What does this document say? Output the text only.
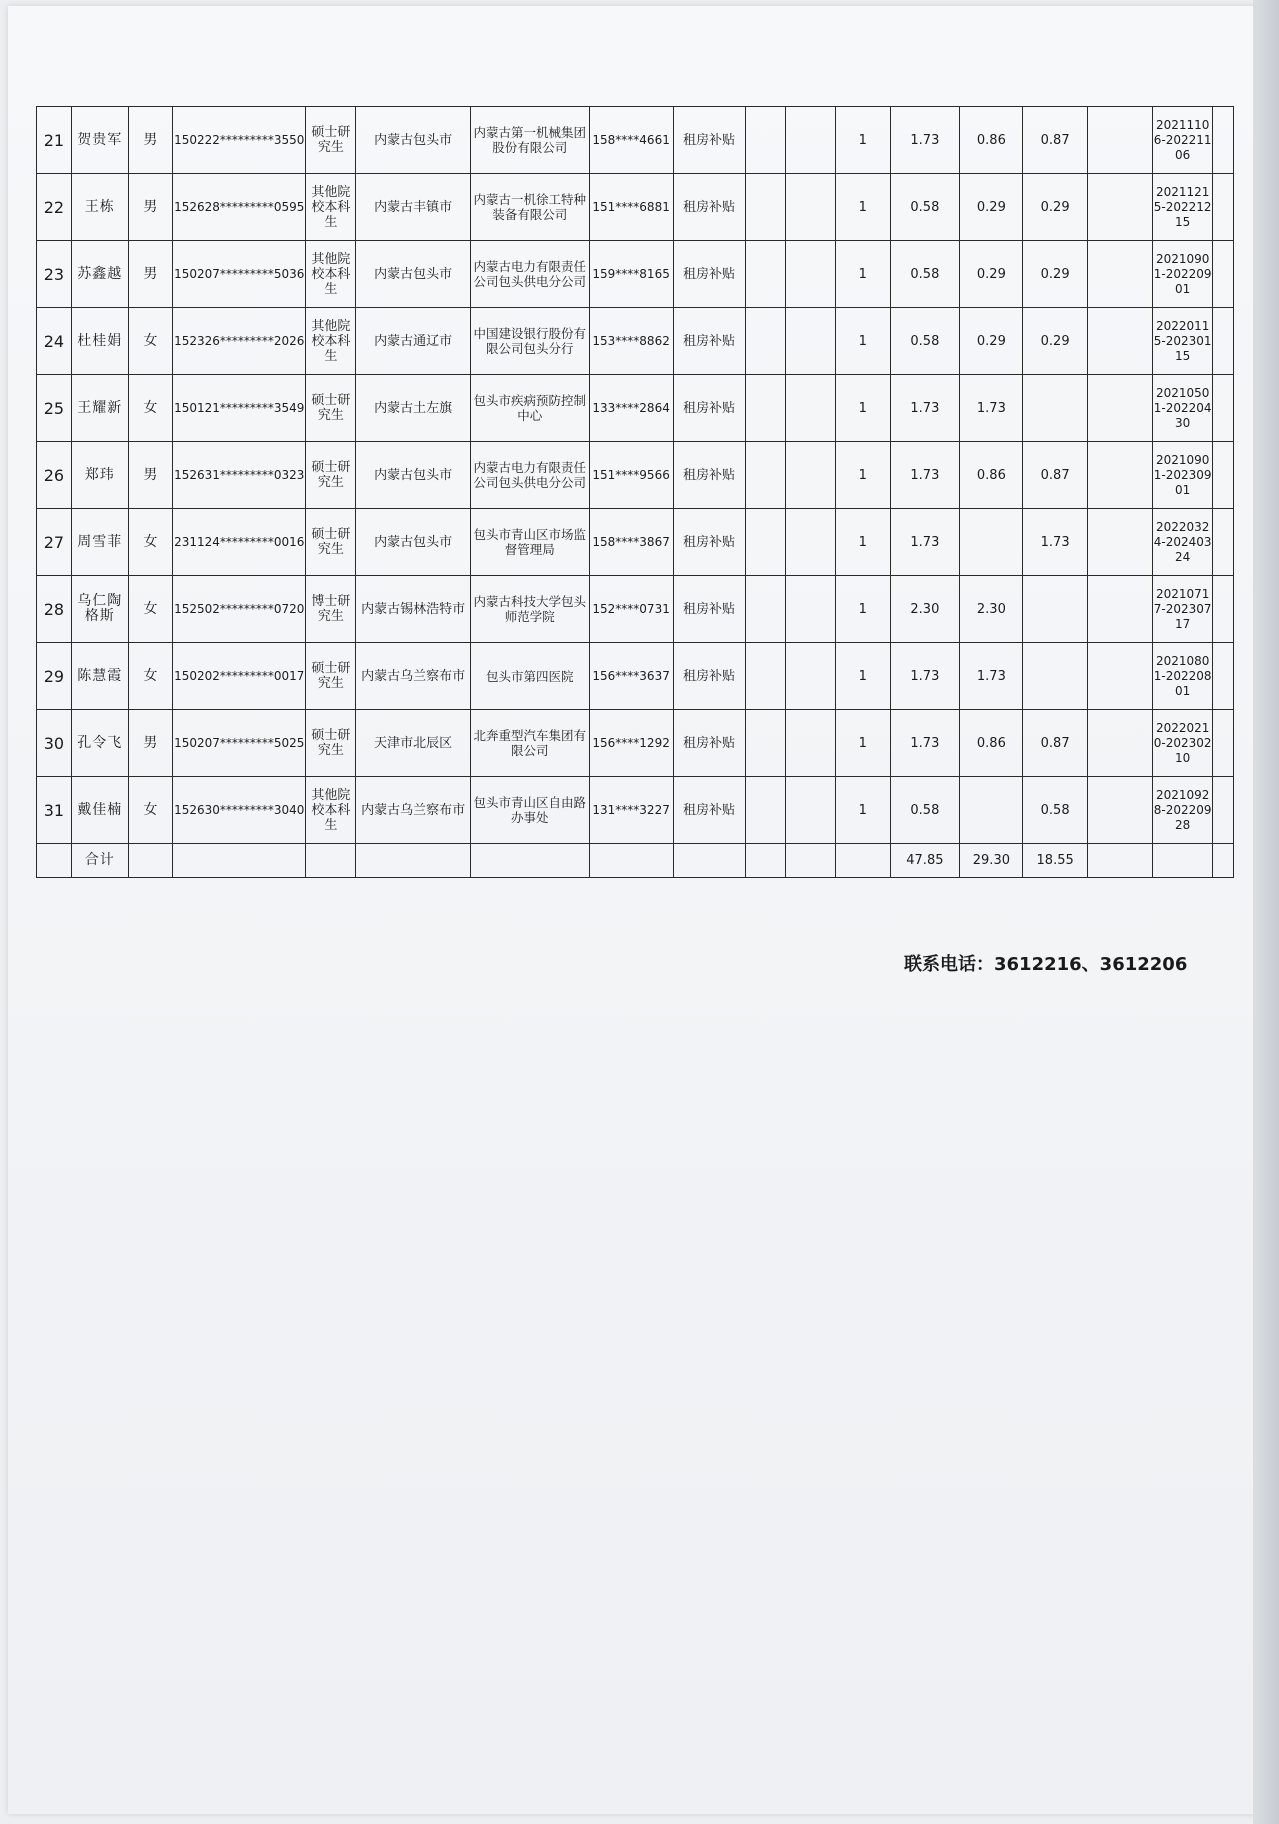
21	贺贵军	男	150222*********3550	硕士研究生	内蒙古包头市	内蒙古第一机械集团股份有限公司	158****4661	租房补贴			1	1.73	0.86	0.87		20211106-20221106	
22	王栋	男	152628*********0595	其他院校本科生	内蒙古丰镇市	内蒙古一机徐工特种装备有限公司	151****6881	租房补贴			1	0.58	0.29	0.29		20211215-20221215	
23	苏鑫越	男	150207*********5036	其他院校本科生	内蒙古包头市	内蒙古电力有限责任公司包头供电分公司	159****8165	租房补贴			1	0.58	0.29	0.29		20210901-20220901	
24	杜桂娟	女	152326*********2026	其他院校本科生	内蒙古通辽市	中国建设银行股份有限公司包头分行	153****8862	租房补贴			1	0.58	0.29	0.29		20220115-20230115	
25	王耀新	女	150121*********3549	硕士研究生	内蒙古土左旗	包头市疾病预防控制中心	133****2864	租房补贴			1	1.73	1.73			20210501-20220430	
26	郑玮	男	152631*********0323	硕士研究生	内蒙古包头市	内蒙古电力有限责任公司包头供电分公司	151****9566	租房补贴			1	1.73	0.86	0.87		20210901-20230901	
27	周雪菲	女	231124*********0016	硕士研究生	内蒙古包头市	包头市青山区市场监督管理局	158****3867	租房补贴			1	1.73		1.73		20220324-20240324	
28	乌仁陶格斯	女	152502*********0720	博士研究生	内蒙古锡林浩特市	内蒙古科技大学包头师范学院	152****0731	租房补贴			1	2.30	2.30			20210717-20230717	
29	陈慧霞	女	150202*********0017	硕士研究生	内蒙古乌兰察布市	包头市第四医院	156****3637	租房补贴			1	1.73	1.73			20210801-20220801	
30	孔令飞	男	150207*********5025	硕士研究生	天津市北辰区	北奔重型汽车集团有限公司	156****1292	租房补贴			1	1.73	0.86	0.87		20220210-20230210	
31	戴佳楠	女	152630*********3040	其他院校本科生	内蒙古乌兰察布市	包头市青山区自由路办事处	131****3227	租房补贴			1	0.58		0.58		20210928-20220928	
	合计											47.85	29.30	18.55			
联系电话：3612216、3612206
